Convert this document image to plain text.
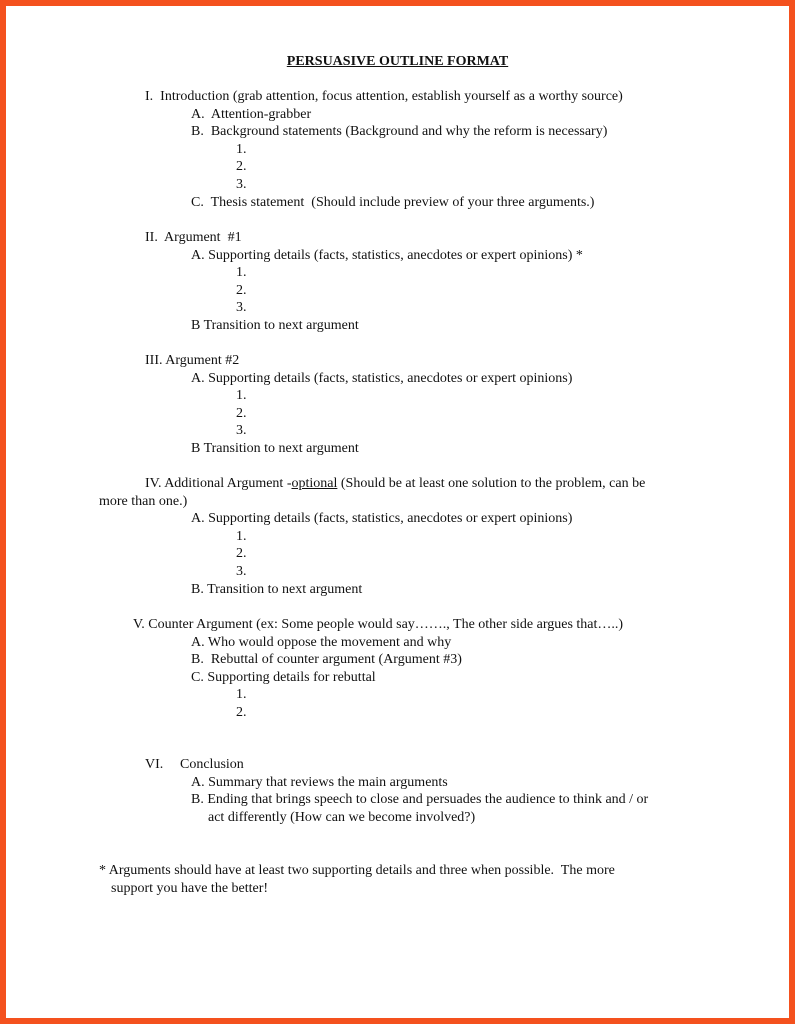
PERSUASIVE OUTLINE FORMAT
I.  Introduction (grab attention, focus attention, establish yourself as a worthy source)
A.  Attention-grabber
B.  Background statements (Background and why the reform is necessary)
1.
2.
3.
C.  Thesis statement  (Should include preview of your three arguments.)
II.  Argument  #1
A. Supporting details (facts, statistics, anecdotes or expert opinions) *
1.
2.
3.
B Transition to next argument
III. Argument #2
A. Supporting details (facts, statistics, anecdotes or expert opinions)
1.
2.
3.
B Transition to next argument
IV. Additional Argument -optional (Should be at least one solution to the problem, can be
more than one.)
A. Supporting details (facts, statistics, anecdotes or expert opinions)
1.
2.
3.
B. Transition to next argument
V. Counter Argument (ex: Some people would say……., The other side argues that…..)
A. Who would oppose the movement and why
B.  Rebuttal of counter argument (Argument #3)
C. Supporting details for rebuttal
1.
2.
VI. Conclusion
A. Summary that reviews the main arguments
B. Ending that brings speech to close and persuades the audience to think and / or
act differently (How can we become involved?)
* Arguments should have at least two supporting details and three when possible.  The more
support you have the better!
